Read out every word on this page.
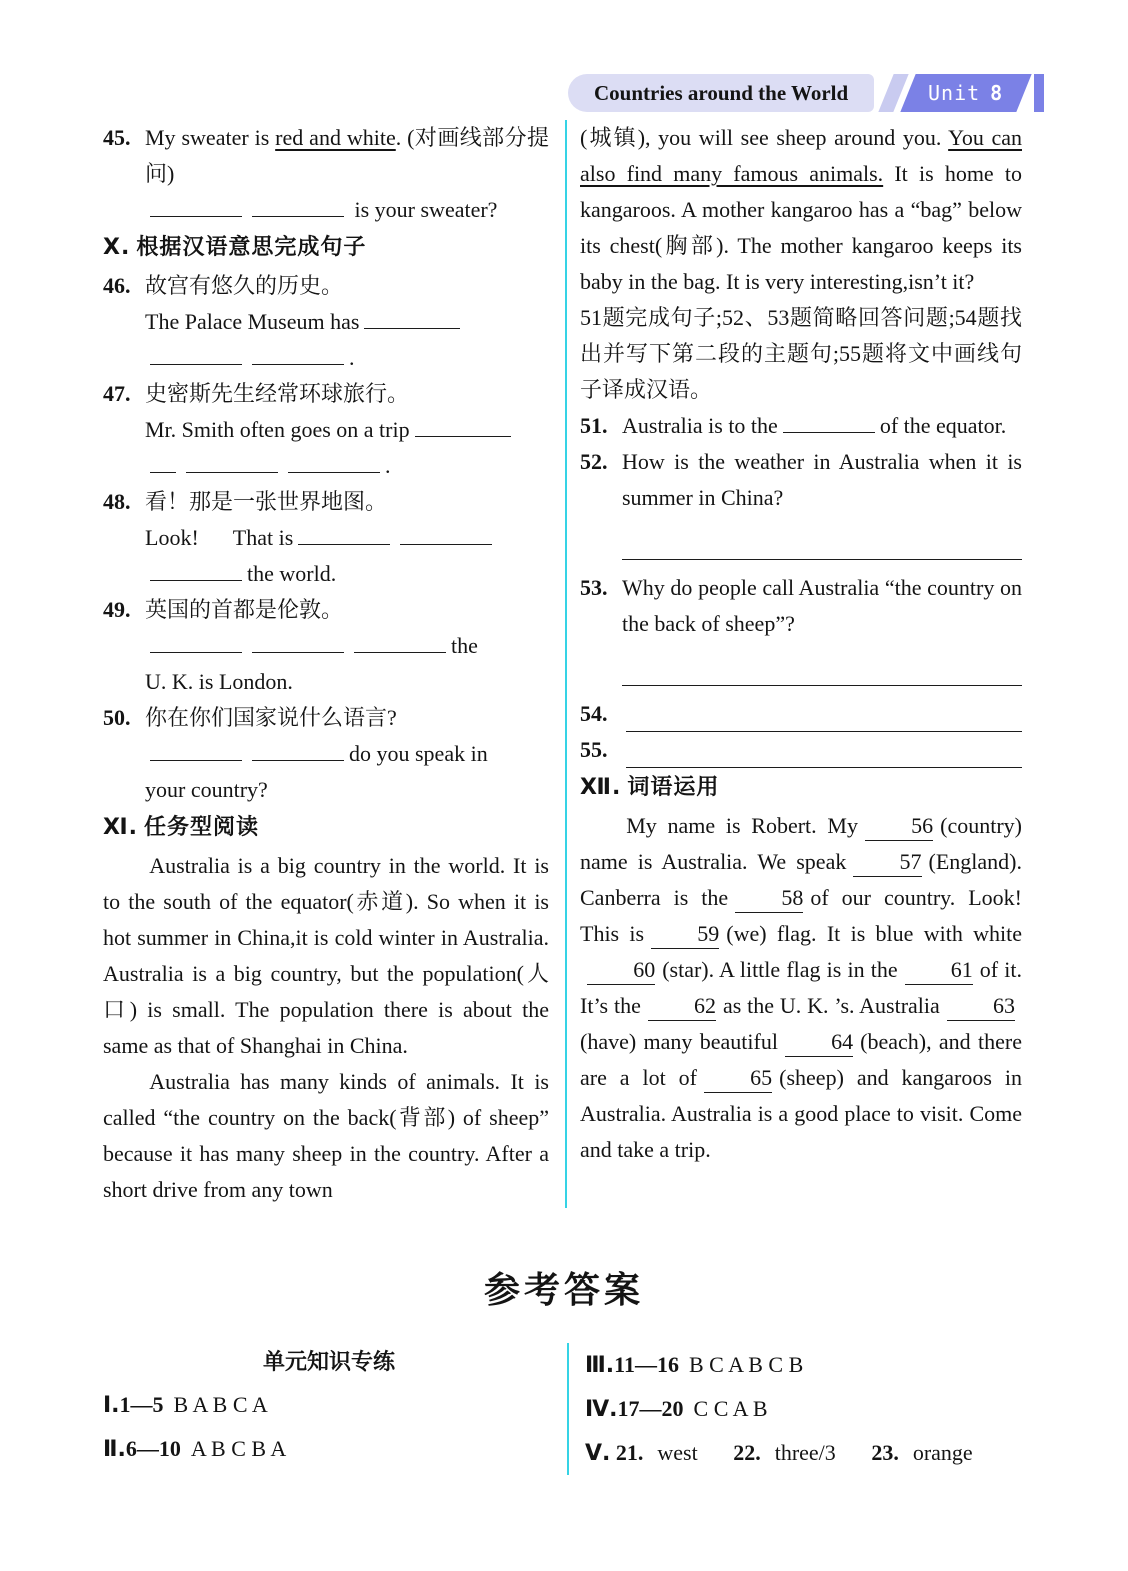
Countries around the World	Unit 8
45. My sweater is red and white. (对画线部分提问)
is your sweater?
Ⅹ. 根据汉语意思完成句子
46. 故宫有悠久的历史。
The Palace Museum has
.
47. 史密斯先生经常环球旅行。
Mr. Smith often goes on a trip
.
48. 看！那是一张世界地图。
Look! That is
the world.
49. 英国的首都是伦敦。
the
U. K. is London.
50. 你在你们国家说什么语言?
do you speak in
your country?
Ⅺ. 任务型阅读

Australia is a big country in the world. It is to the south of the equator(赤道). So when it is hot summer in China,it is cold winter in Australia. Australia is a big country, but the population(人口) is small. The population there is about the same as that of Shanghai in China.

Australia has many kinds of animals. It is called “the country on the back(背部) of sheep” because it has many sheep in the country. After a short drive from any town

(城镇), you will see sheep around you. You can also find many famous animals. It is home to kangaroos. A mother kangaroo has a “bag” below its chest(胸部). The mother kangaroo keeps its baby in the bag. It is very interesting,isn’t it?

51题完成句子;52、53题简略回答问题;54题找出并写下第二段的主题句;55题将文中画线句子译成汉语。

51. Australia is to the	of the equator.
52. How is the weather in Australia when it is summer in China?
53. Why do people call Australia “the country on the back of sheep”?
54.
55.
Ⅻ. 词语运用

My name is Robert. My 56 (country) name is Australia. We speak 57 (England). Canberra is the 58 of our country. Look! This is 59 (we) flag. It is blue with white60 (star). A little flag is in the 61 of it. It’s the 62 as the U. K. ’s. Australia 63(have) many beautiful 64 (beach), and there are a lot of 65 (sheep) and kangaroos in Australia. Australia is a good place to visit. Come and take a trip.

参考答案
单元知识专练
Ⅰ.1—5 B A B C A
Ⅱ.6—10 A B C B A
Ⅲ.11—16 B C A B C B
Ⅳ.17—20 C C A B
Ⅴ. 21. west 22. three/3 23. orange
